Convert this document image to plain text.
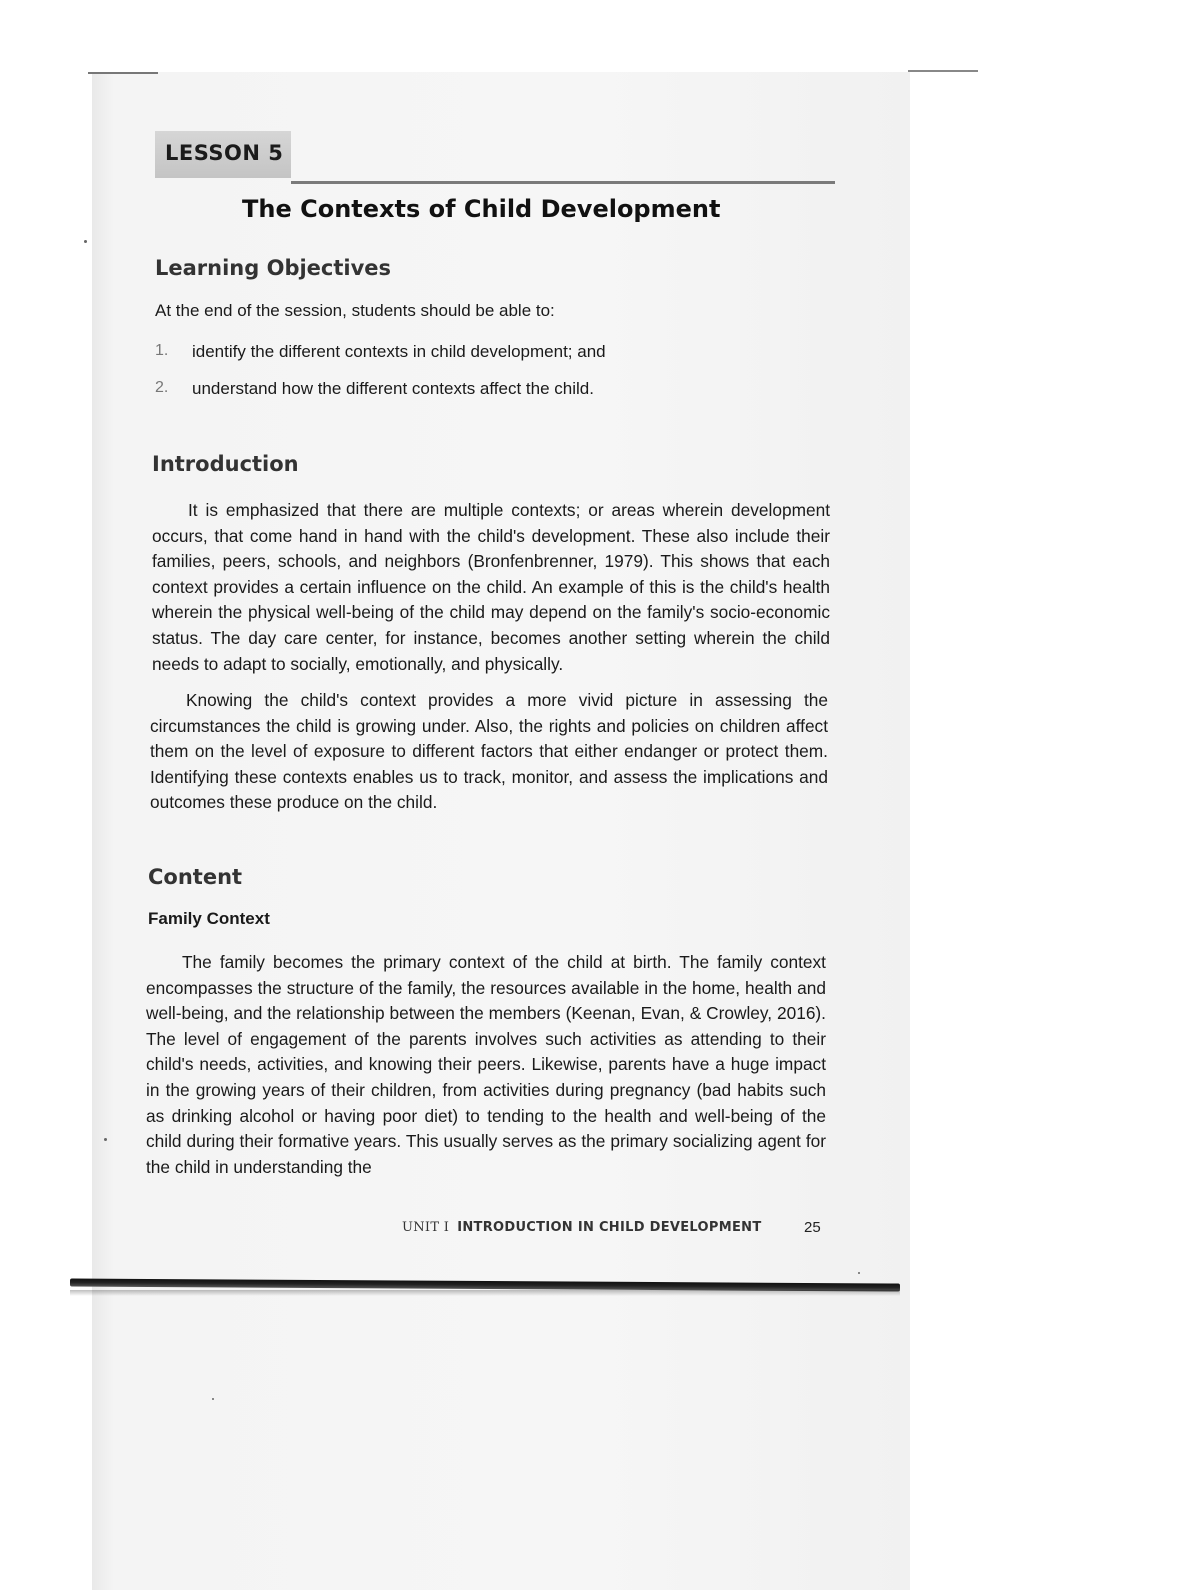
LESSON 5
The Contexts of Child Development
Learning Objectives
At the end of the session, students should be able to:
1. identify the different contexts in child development; and
2. understand how the different contexts affect the child.
Introduction

It is emphasized that there are multiple contexts; or areas wherein development occurs, that come hand in hand with the child's development. These also include their families, peers, schools, and neighbors (Bronfenbrenner, 1979). This shows that each context provides a certain influence on the child. An example of this is the child's health wherein the physical well-being of the child may depend on the family's socio-economic status. The day care center, for instance, becomes another setting wherein the child needs to adapt to socially, emotionally, and physically.

Knowing the child's context provides a more vivid picture in assessing the circumstances the child is growing under. Also, the rights and policies on children affect them on the level of exposure to different factors that either endanger or protect them. Identifying these contexts enables us to track, monitor, and assess the implications and outcomes these produce on the child.

Content
Family Context

The family becomes the primary context of the child at birth. The family context encompasses the structure of the family, the resources available in the home, health and well-being, and the relationship between the members (Keenan, Evan, & Crowley, 2016). The level of engagement of the parents involves such activities as attending to their child's needs, activities, and knowing their peers. Likewise, parents have a huge impact in the growing years of their children, from activities during pregnancy (bad habits such as drinking alcohol or having poor diet) to tending to the health and well-being of the child during their formative years. This usually serves as the primary socializing agent for the child in understanding the

UNIT I INTRODUCTION IN CHILD DEVELOPMENT	25
